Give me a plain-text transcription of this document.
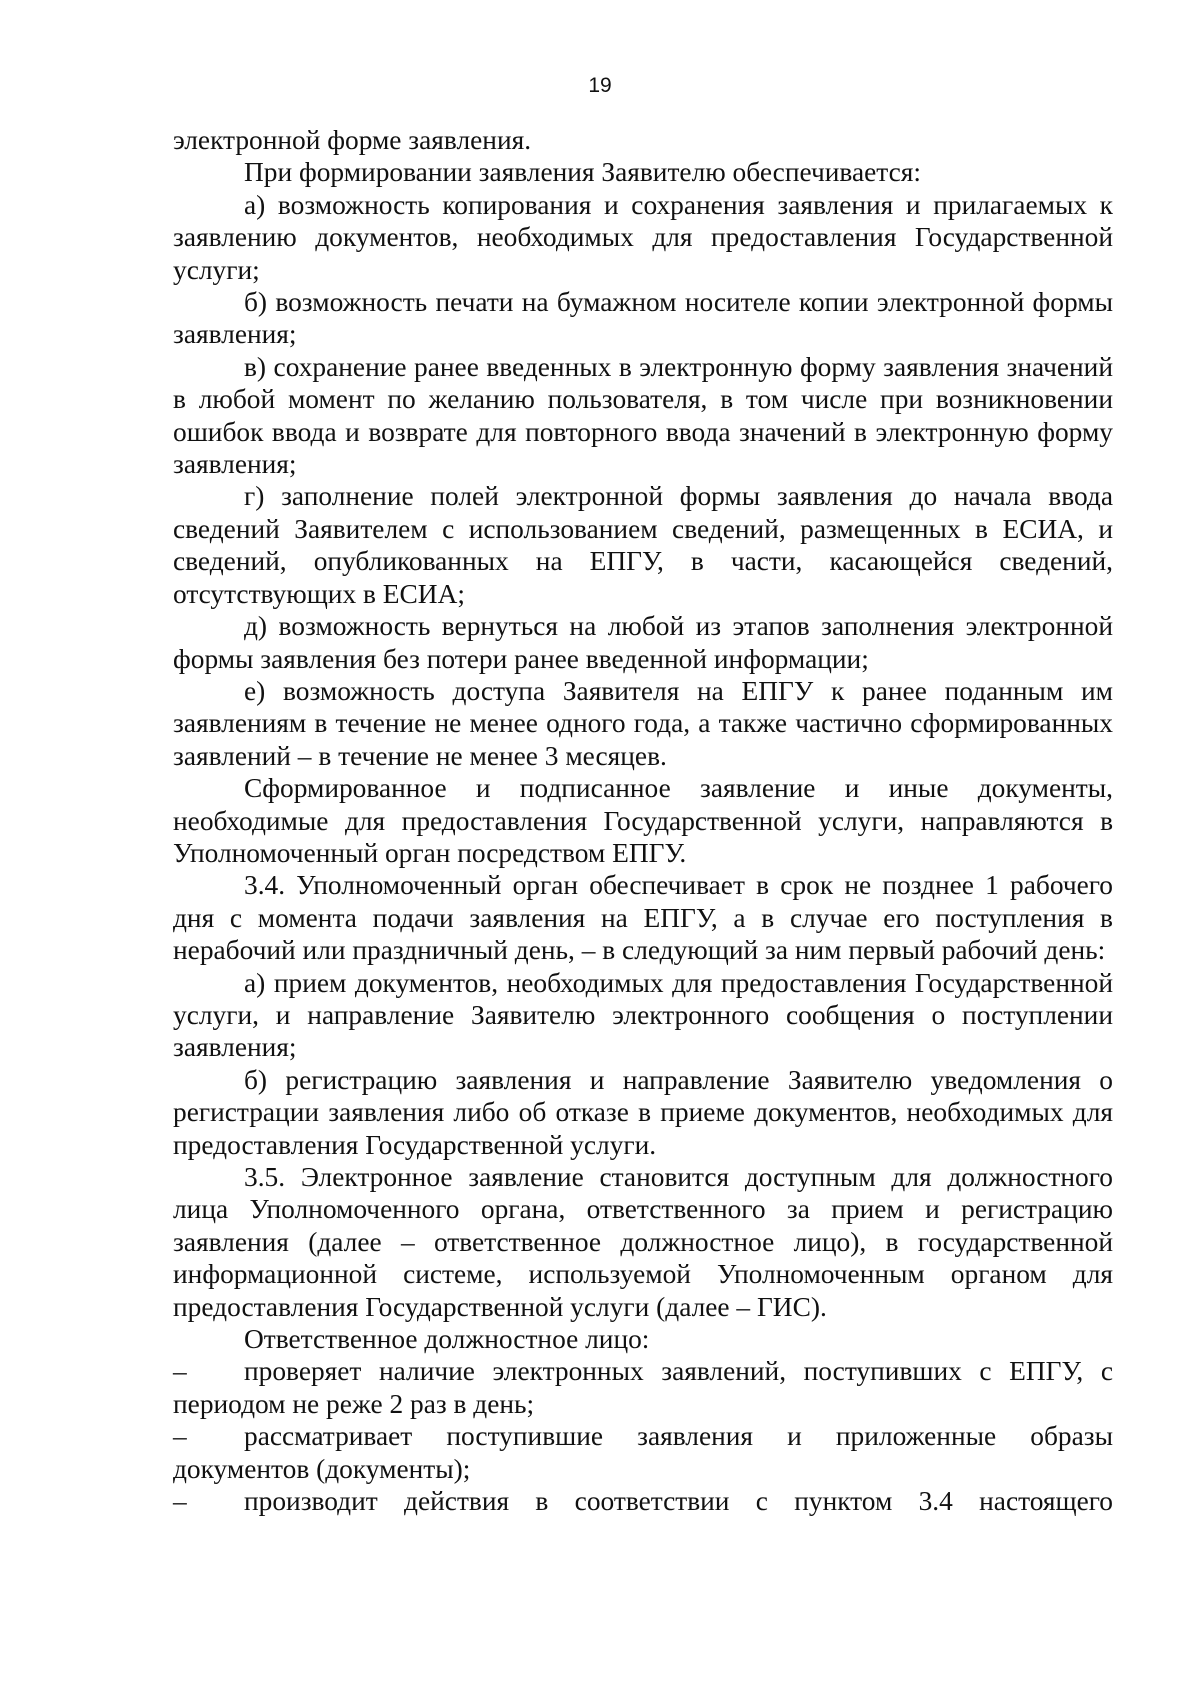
19

электронной форме заявления.

При формировании заявления Заявителю обеспечивается:

а) возможность копирования и сохранения заявления и прилагаемых к заявлению документов, необходимых для предоставления Государственной услуги;

б) возможность печати на бумажном носителе копии электронной формы заявления;

в) сохранение ранее введенных в электронную форму заявления значений в любой момент по желанию пользователя, в том числе при возникновении ошибок ввода и возврате для повторного ввода значений в электронную форму заявления;

г) заполнение полей электронной формы заявления до начала ввода сведений Заявителем с использованием сведений, размещенных в ЕСИА, и сведений, опубликованных на ЕПГУ, в части, касающейся сведений, отсутствующих в ЕСИА;

д) возможность вернуться на любой из этапов заполнения электронной формы заявления без потери ранее введенной информации;

е) возможность доступа Заявителя на ЕПГУ к ранее поданным им заявлениям в течение не менее одного года, а также частично сформированных заявлений – в течение не менее 3 месяцев.

Сформированное и подписанное заявление и иные документы, необходимые для предоставления Государственной услуги, направляются в Уполномоченный орган посредством ЕПГУ.

3.4. Уполномоченный орган обеспечивает в срок не позднее 1 рабочего дня с момента подачи заявления на ЕПГУ, а в случае его поступления в нерабочий или праздничный день, – в следующий за ним первый рабочий день:

а) прием документов, необходимых для предоставления Государственной услуги, и направление Заявителю электронного сообщения о поступлении заявления;

б) регистрацию заявления и направление Заявителю уведомления о регистрации заявления либо об отказе в приеме документов, необходимых для предоставления Государственной услуги.

3.5. Электронное заявление становится доступным для должностного лица Уполномоченного органа, ответственного за прием и регистрацию заявления (далее – ответственное должностное лицо), в государственной информационной системе, используемой Уполномоченным органом для предоставления Государственной услуги (далее – ГИС).

Ответственное должностное лицо:

– проверяет наличие электронных заявлений, поступивших с ЕПГУ, с периодом не реже 2 раз в день;

– рассматривает поступившие заявления и приложенные образы документов (документы);

– производит действия в соответствии с пунктом 3.4 настоящего
